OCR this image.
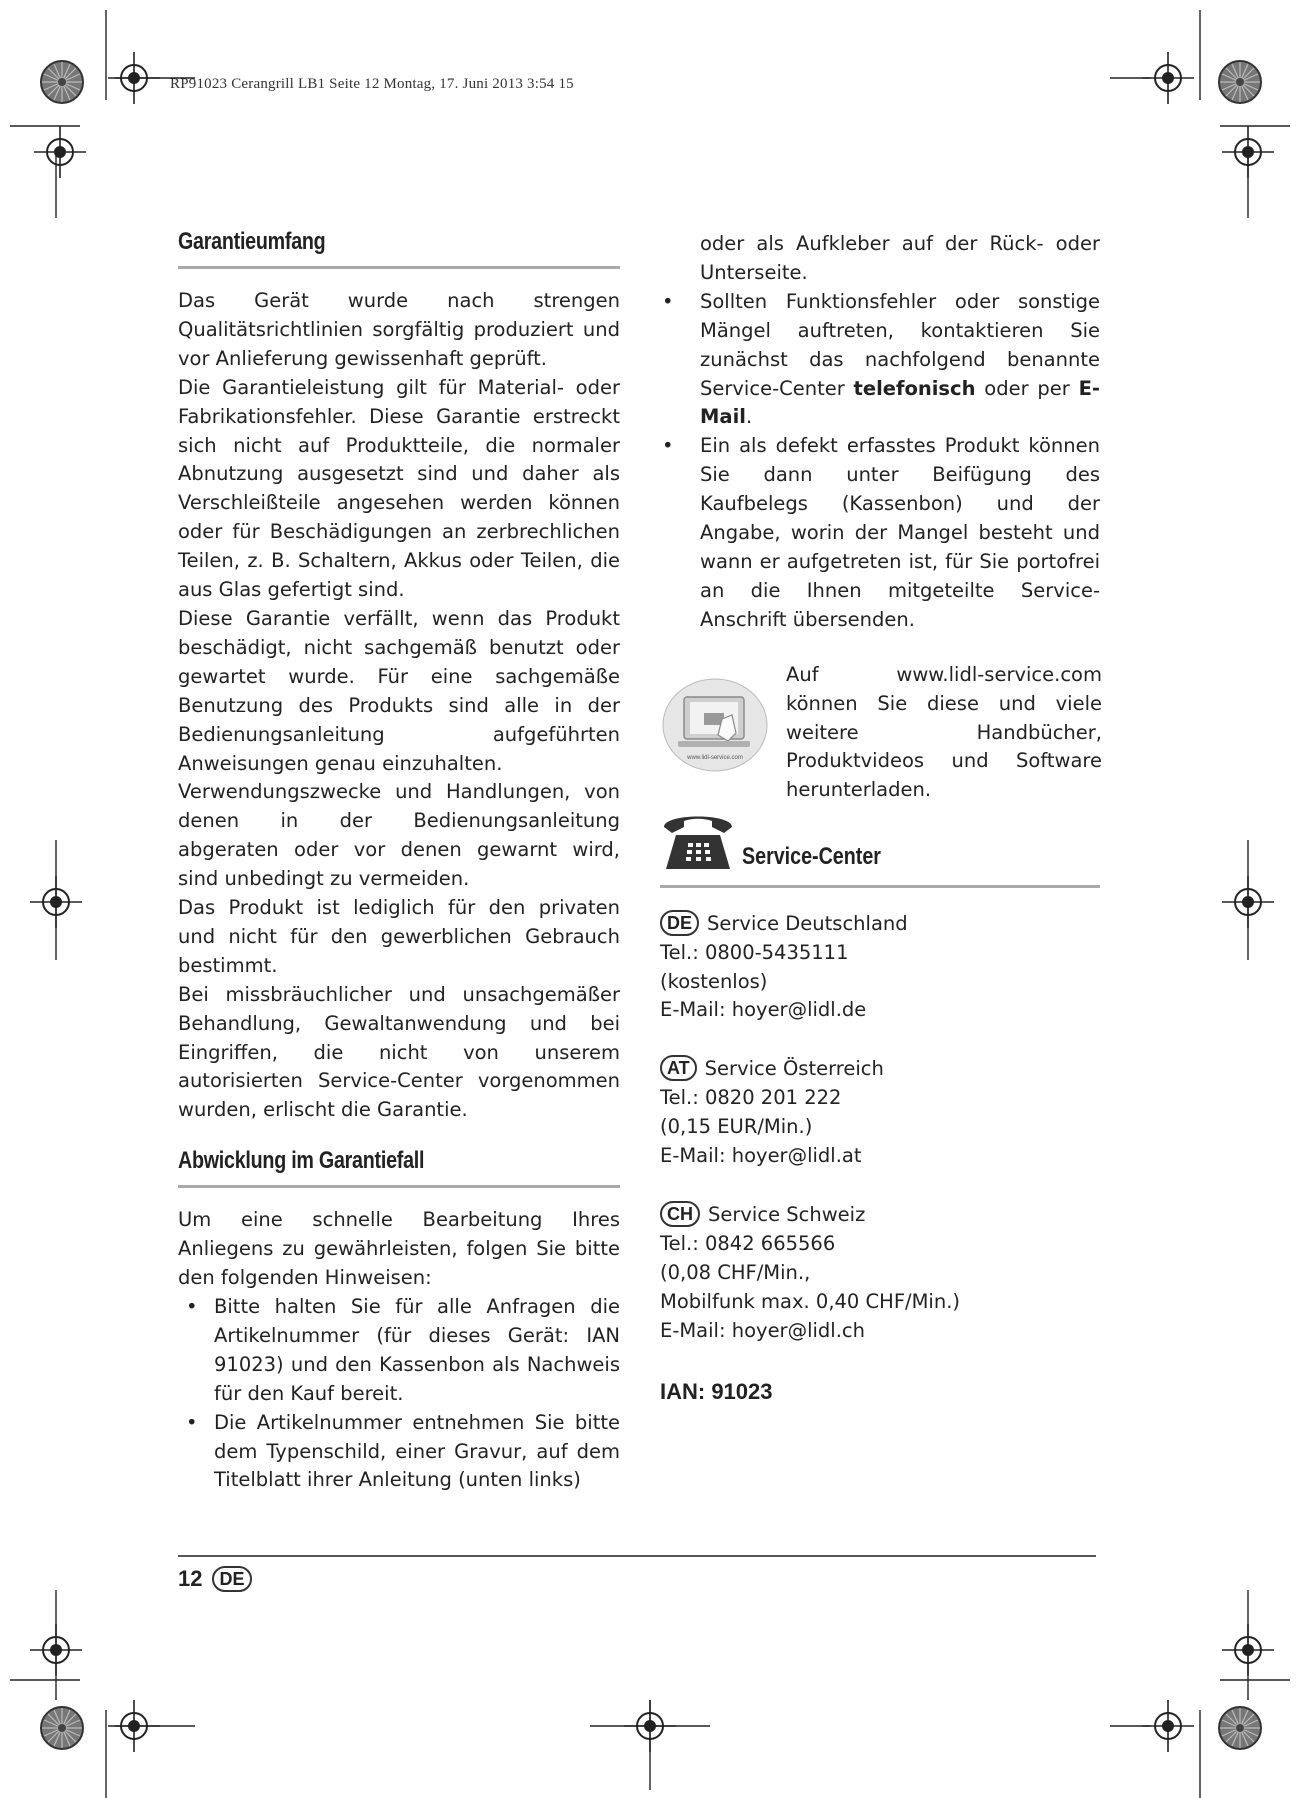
RP91023 Cerangrill LB1 Seite 12 Montag, 17. Juni 2013 3:54 15
Garantieumfang

Das Gerät wurde nach strengen Qualitätsrichtlinien sorgfältig produziert und vor Anlieferung gewissenhaft geprüft.

Die Garantieleistung gilt für Material- oder Fabrikationsfehler. Diese Garantie erstreckt sich nicht auf Produktteile, die normaler Abnutzung ausgesetzt sind und daher als Verschleißteile angesehen werden können oder für Beschädigungen an zerbrechlichen Teilen, z. B. Schaltern, Akkus oder Teilen, die aus Glas gefertigt sind.

Diese Garantie verfällt, wenn das Produkt beschädigt, nicht sachgemäß benutzt oder gewartet wurde. Für eine sachgemäße Benutzung des Produkts sind alle in der Bedienungsanleitung aufgeführten Anweisungen genau einzuhalten.

Verwendungszwecke und Handlungen, von denen in der Bedienungsanleitung abgeraten oder vor denen gewarnt wird, sind unbedingt zu vermeiden.

Das Produkt ist lediglich für den privaten und nicht für den gewerblichen Gebrauch bestimmt.

Bei missbräuchlicher und unsachgemäßer Behandlung, Gewaltanwendung und bei Eingriffen, die nicht von unserem autorisierten Service-Center vorgenommen wurden, erlischt die Garantie.

Abwicklung im Garantiefall

Um eine schnelle Bearbeitung Ihres Anliegens zu gewährleisten, folgen Sie bitte den folgenden Hinweisen:

• Bitte halten Sie für alle Anfragen die Artikelnummer (für dieses Gerät: IAN 91023) und den Kassenbon als Nachweis für den Kauf bereit.
• Die Artikelnummer entnehmen Sie bitte dem Typenschild, einer Gravur, auf dem Titelblatt ihrer Anleitung (unten links)

oder als Aufkleber auf der Rück- oder Unterseite.

• Sollten Funktionsfehler oder sonstige Mängel auftreten, kontaktieren Sie zunächst das nachfolgend benannte Service-Center telefonisch oder per E-Mail.
• Ein als defekt erfasstes Produkt können Sie dann unter Beifügung des Kaufbelegs (Kassenbon) und der Angabe, worin der Mangel besteht und wann er aufgetreten ist, für Sie portofrei an die Ihnen mitgeteilte Service-Anschrift übersenden.
www.lidl-service.com
Auf www.lidl-service.com können Sie diese und viele weitere Handbücher, Produktvideos und Software herunterladen.
Service-Center
DE Service Deutschland
Tel.: 0800-5435111
(kostenlos)
E-Mail: hoyer@lidl.de
AT Service Österreich
Tel.: 0820 201 222
(0,15 EUR/Min.)
E-Mail: hoyer@lidl.at
CH Service Schweiz
Tel.: 0842 665566
(0,08 CHF/Min.,
Mobilfunk max. 0,40 CHF/Min.)
E-Mail: hoyer@lidl.ch
IAN: 91023
12 DE
